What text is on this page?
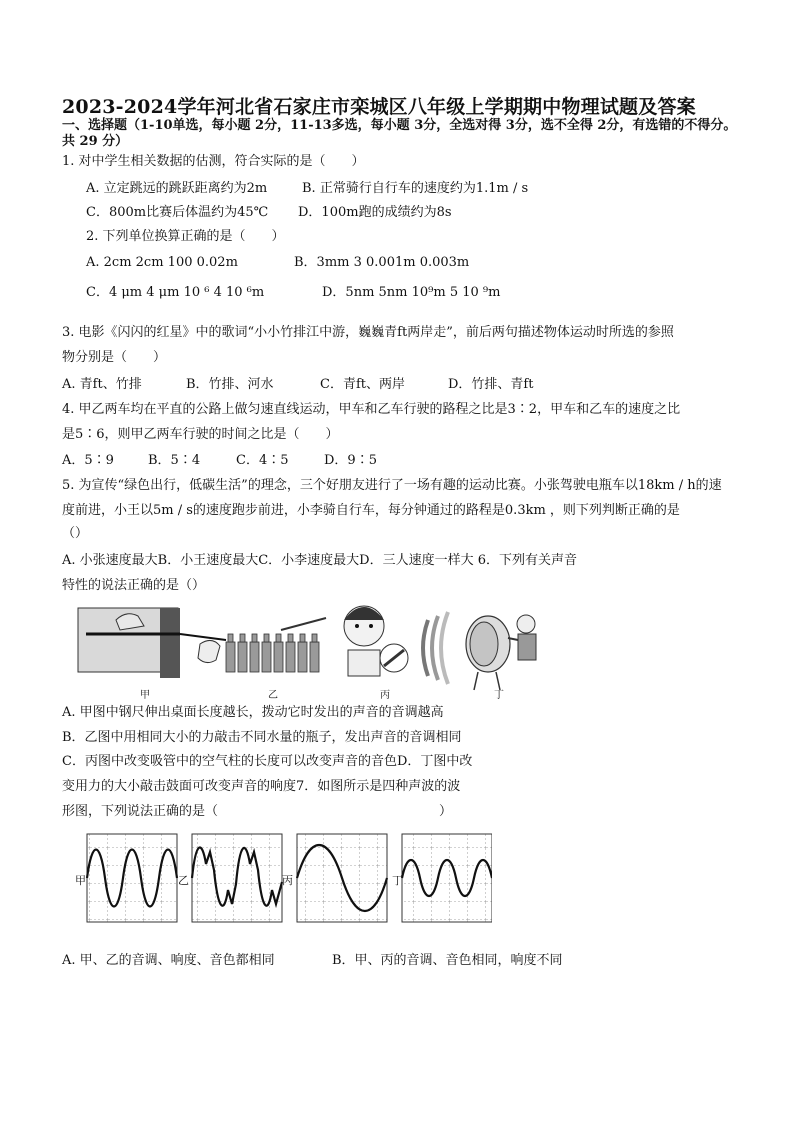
2023-2024学年河北省石家庄市栾城区八年级上学期期中物理试题及答案
一、选择题（1-10单选，每小题 2分，11-13多选，每小题 3分，全选对得 3分，选不全得 2分，有选错的不得分。共 29 分）
1. 对中学生相关数据的估测，符合实际的是（　　）
A. 立定跳远的跳跃距离约为2m	B. 正常骑行自行车的速度约为1.1m / s
C．800m比赛后体温约为45℃ D．100m跑的成绩约为8s
2. 下列单位换算正确的是（　　）
A. 2cm 2cm 100 0.02m	B．3mm 3 0.001m 0.003m
C．4 μm 4 μm 10 ⁶ 4 10 ⁶m	D．5nm 5nm 10⁹m 5 10 ⁹m
3. 电影《闪闪的红星》中的歌词“小小竹排江中游，巍巍青ft两岸走”，前后两句描述物体运动时所选的参照
物分别是（　　）
A. 青ft、竹排	B．竹排、河水	C．青ft、两岸	D．竹排、青ft
4. 甲乙两车均在平直的公路上做匀速直线运动，甲车和乙车行驶的路程之比是3∶2，甲车和乙车的速度之比
是5∶6，则甲乙两车行驶的时间之比是（　　）
A．5∶9	B．5∶4	C．4∶5	D．9∶5
5. 为宣传“绿色出行，低碳生活”的理念，三个好朋友进行了一场有趣的运动比赛。小张驾驶电瓶车以18km / h的速
度前进，小王以5m / s的速度跑步前进，小李骑自行车，每分钟通过的路程是0.3km ，则下列判断正确的是
（）
A. 小张速度最大B．小王速度最大C．小李速度最大D．三人速度一样大 6．下列有关声音
特性的说法正确的是（）
甲	乙	丙	丁
A. 甲图中钢尺伸出桌面长度越长，拨动它时发出的声音的音调越高
B．乙图中用相同大小的力敲击不同水量的瓶子，发出声音的音调相同
C．丙图中改变吸管中的空气柱的长度可以改变声音的音色D．丁图中改
变用力的大小敲击鼓面可改变声音的响度7．如图所示是四种声波的波
形图，下列说法正确的是（　　　　　　　　　　　　　　　　　）
甲	乙	丙	丁
A. 甲、乙的音调、响度、音色都相同	B．甲、丙的音调、音色相同，响度不同
